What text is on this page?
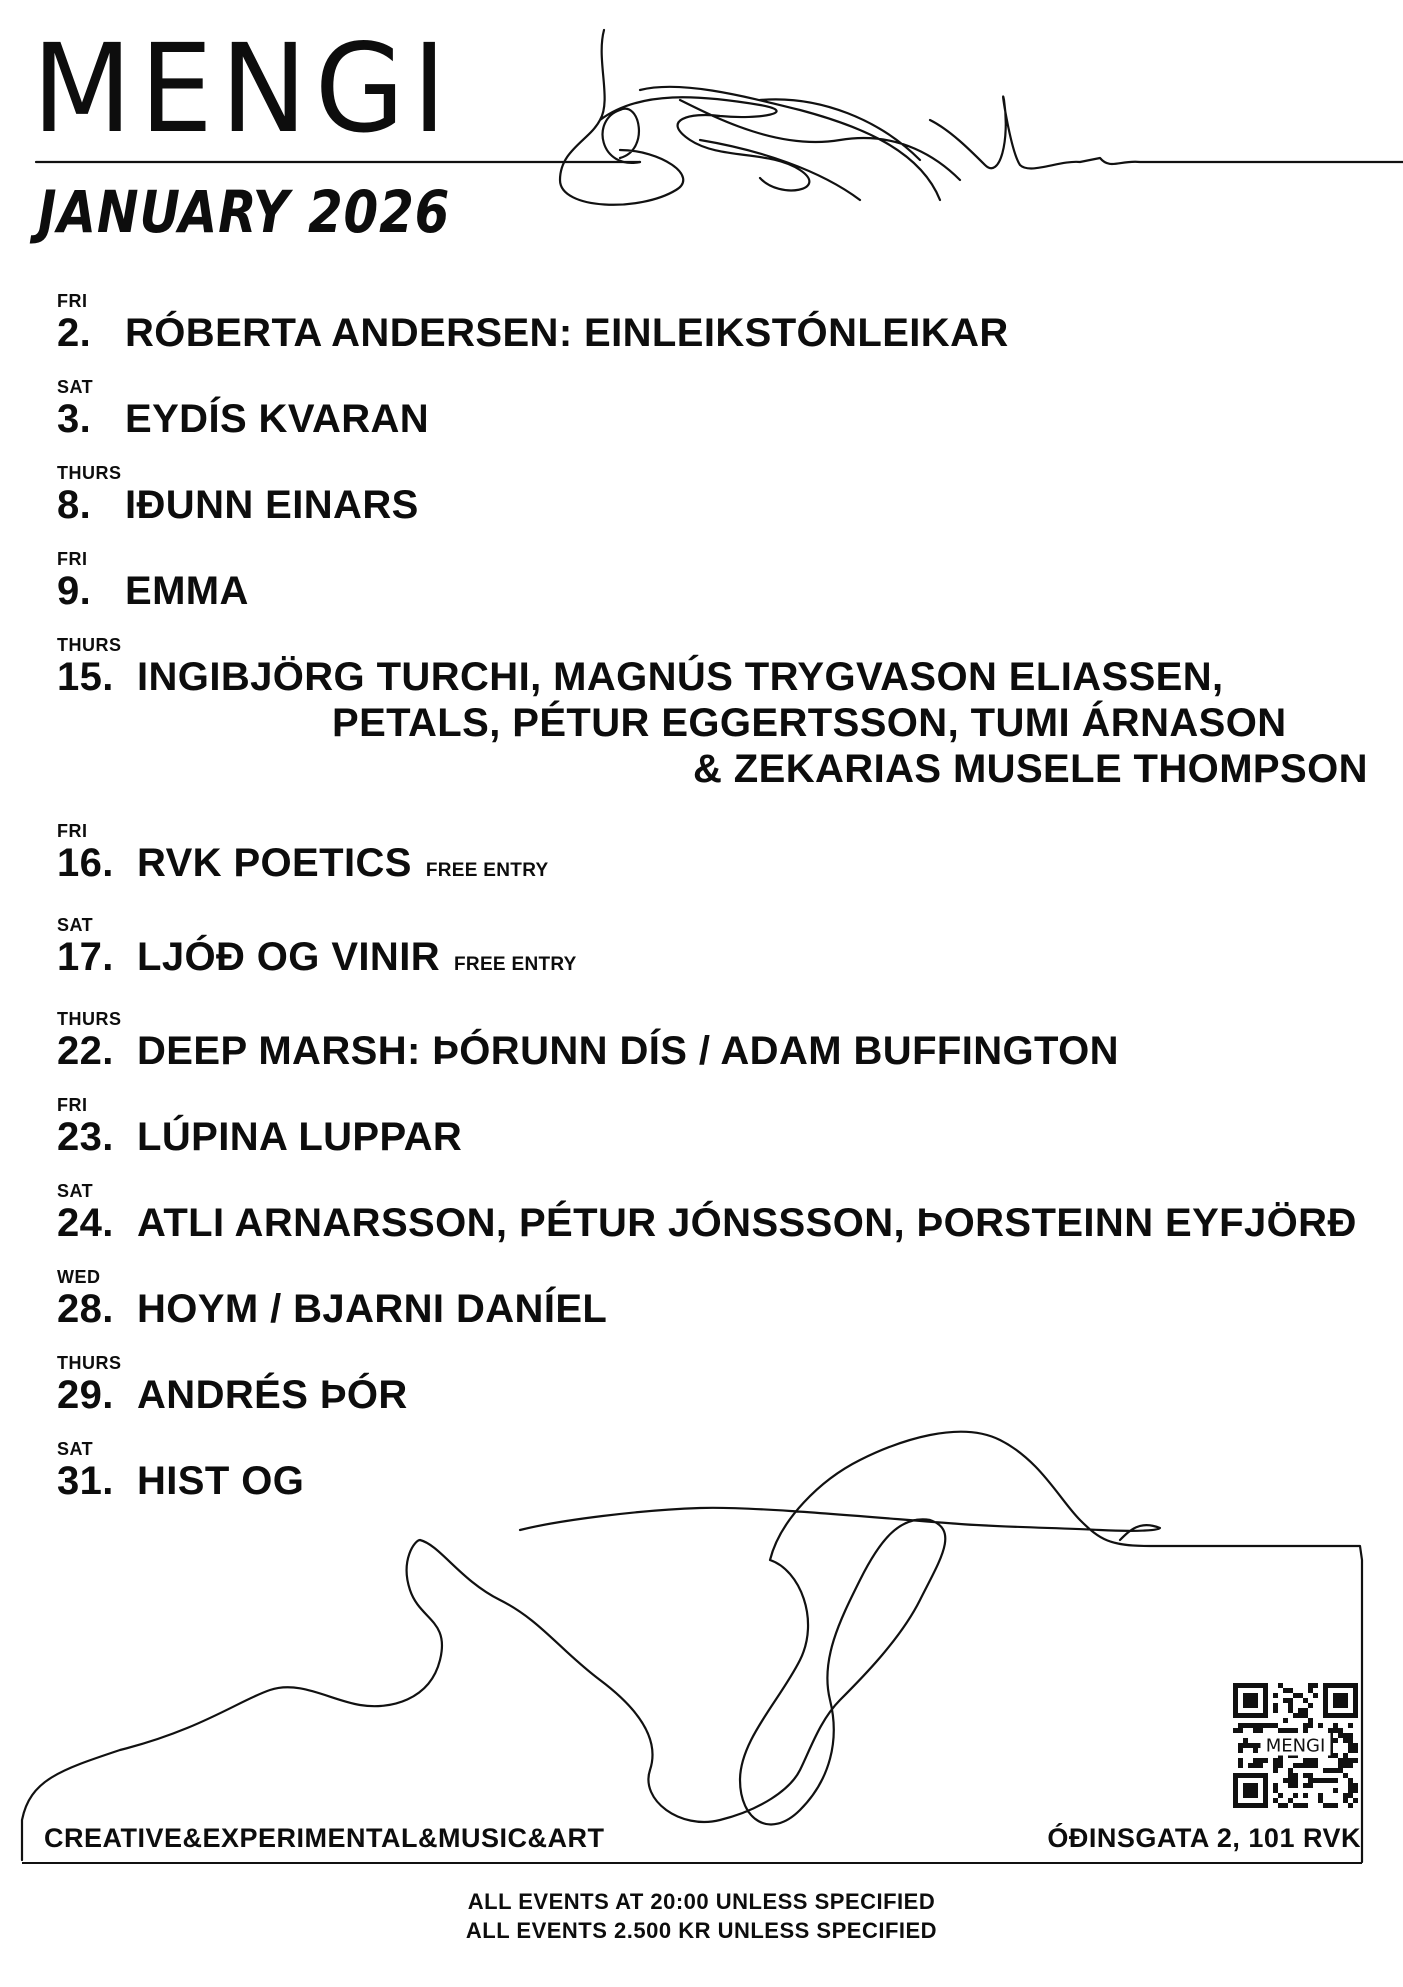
MENGI
JANUARY 2026
FRI
2. RÓBERTA ANDERSEN: EINLEIKSTÓNLEIKAR
SAT
3. EYDÍS KVARAN
THURS
8. IÐUNN EINARS
FRI
9. EMMA
THURS
15. INGIBJÖRG TURCHI, MAGNÚS TRYGVASON ELIASSEN,
PETALS, PÉTUR EGGERTSSON, TUMI ÁRNASON
& ZEKARIAS MUSELE THOMPSON
FRI
16. RVK POETICS FREE ENTRY
SAT
17. LJÓÐ OG VINIR FREE ENTRY
THURS
22. DEEP MARSH: ÞÓRUNN DÍS / ADAM BUFFINGTON
FRI
23. LÚPINA LUPPAR
SAT
24. ATLI ARNARSSON, PÉTUR JÓNSSSON, ÞORSTEINN EYFJÖRÐ
WED
28. HOYM / BJARNI DANÍEL
THURS
29. ANDRÉS ÞÓR
SAT
31. HIST OG
MENGI

CREATIVE&EXPERIMENTAL&MUSIC&ART	ÓÐINSGATA 2, 101 RVK

ALL EVENTS AT 20:00 UNLESS SPECIFIED
ALL EVENTS 2.500 KR UNLESS SPECIFIED
